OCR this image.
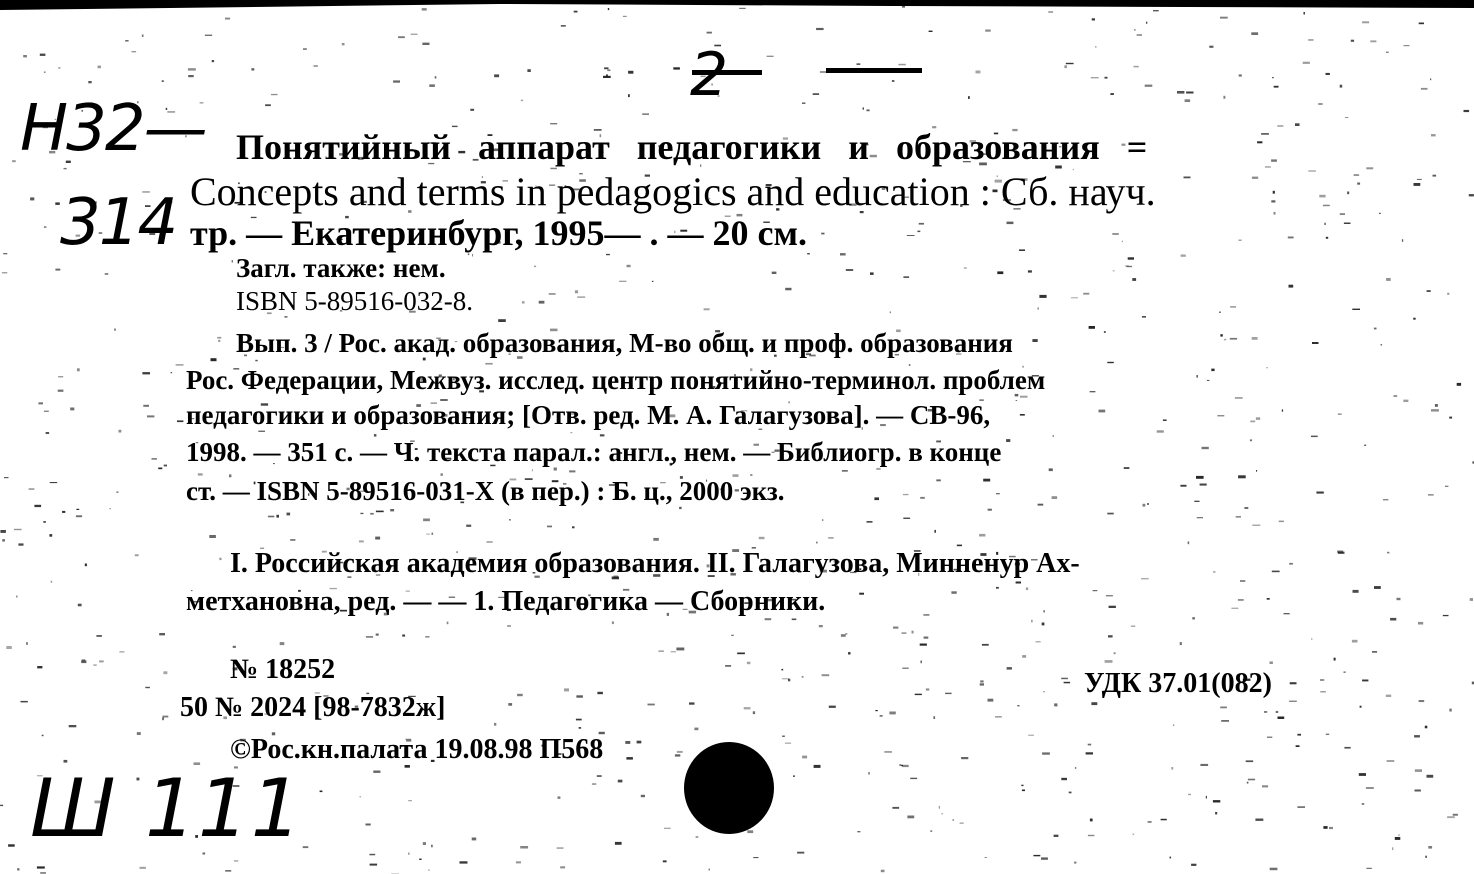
2
Н32—
314
Ш 111
Понятийный аппарат педагогики и образования =
Concepts and terms in pedagogics and education : Сб. науч.
тр. — Екатеринбург, 1995— . — 20 см.
Загл. также: нем.
ISBN 5-89516-032-8.
Вып. 3 / Рос. акад. образования, М-во общ. и проф. образования
Рос. Федерации, Межвуз. исслед. центр понятийно-терминол. проблем
педагогики и образования; [Отв. ред. М. А. Галагузова]. — СВ-96,
1998. — 351 с. — Ч. текста парал.: англ., нем. — Библиогр. в конце
ст. — ISBN 5-89516-031-X (в пер.) : Б. ц., 2000 экз.
I. Российская академия образования. II. Галагузова, Миннeнур Ах-
метхановна, ред. — — 1. Педагогика — Сборники.
№ 18252
50 № 2024 [98-7832ж]
©Рос.кн.палата 19.08.98 П568
УДК 37.01(082)
